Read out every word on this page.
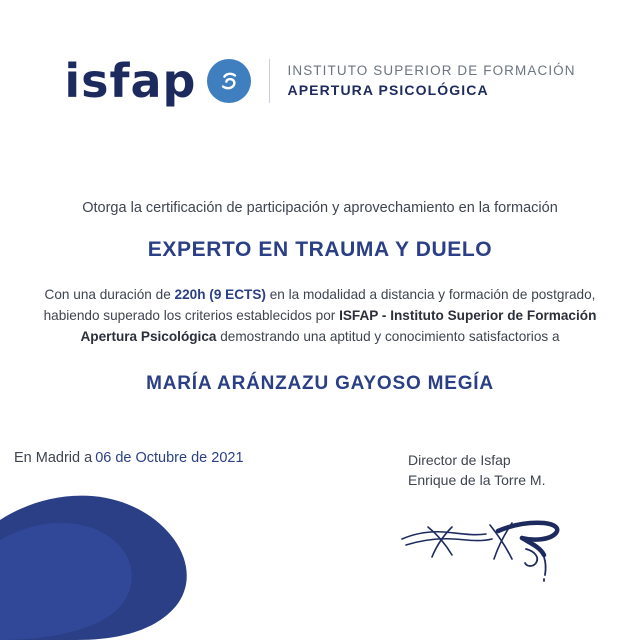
isfap	INSTITUTO SUPERIOR DE FORMACIÓN
APERTURA PSICOLÓGICA
Otorga la certificación de participación y aprovechamiento en la formación
EXPERTO EN TRAUMA Y DUELO
Con una duración de 220h (9 ECTS) en la modalidad a distancia y formación de postgrado,
habiendo superado los criterios establecidos por ISFAP - Instituto Superior de Formación
Apertura Psicológica demostrando una aptitud y conocimiento satisfactorios a
MARÍA ARÁNZAZU GAYOSO MEGÍA
En Madrid a 06 de Octubre de 2021	Director de Isfap
Enrique de la Torre M.
